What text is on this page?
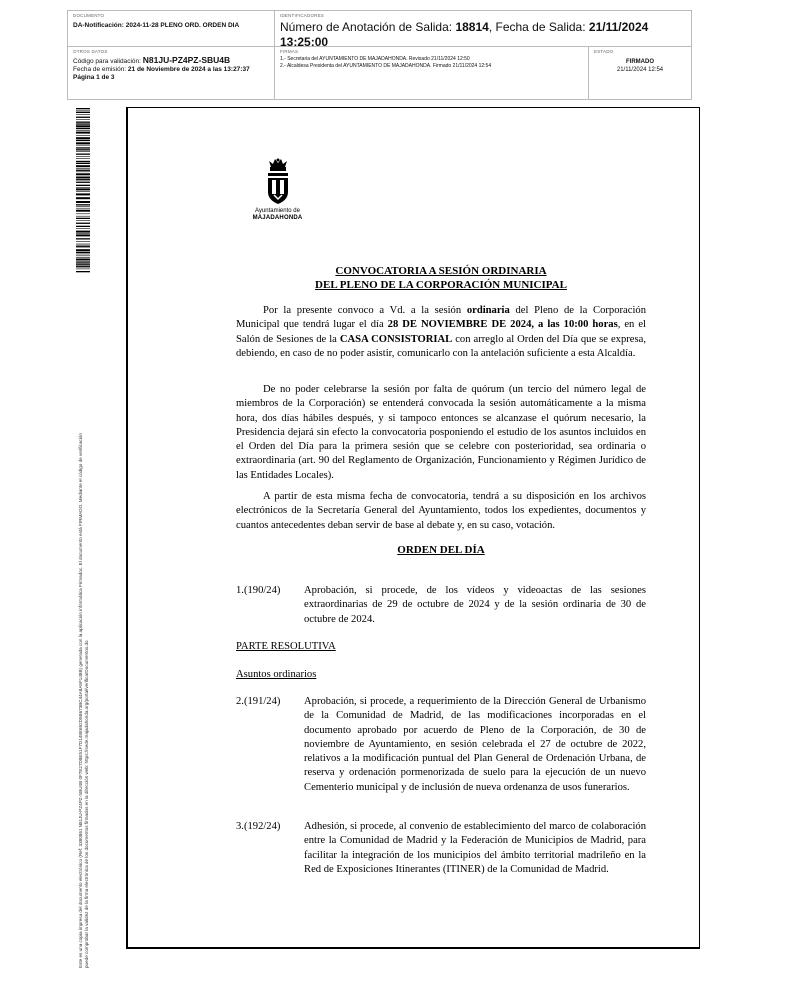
DOCUMENTO
DA-Notificación: 2024-11-28 PLENO ORD. ORDEN DIA
IDENTIFICADORES
Número de Anotación de Salida: 18814, Fecha de Salida: 21/11/2024 13:25:00
OTROS DATOS
Código para validación: N81JU-PZ4PZ-SBU4B
Fecha de emisión: 21 de Noviembre de 2024 a las 13:27:37
Página 1 de 3
FIRMAS
1.- Secretaria del AYUNTAMIENTO DE MAJADAHONDA. Revisado 21/11/2024 12:50
2.- Alcaldesa Presidenta del AYUNTAMIENTO DE MAJADAHONDA. Firmado 21/11/2024 12:54
ESTADO
FIRMADO
21/11/2024 12:54
Este es una copia impresa del documento electrónico (Ref: 3380861 N81JU-PZ4PZ-SBU4B 0F7E27D8E51F7D148E692D5B673BC44A8A5F148B) generada con la aplicación informática Firmadoc. El documento está FIRMADO. Mediante el código de verificación puede comprobar la validez de la firma electrónica de los documentos firmados en la dirección web: https://sede.majadahonda.org/portal/verificarDocumentos.do
Ayuntamiento de
MAJADAHONDA
CONVOCATORIA A SESIÓN ORDINARIA
DEL PLENO DE LA CORPORACIÓN MUNICIPAL
Por la presente convoco a Vd. a la sesión ordinaria del Pleno de la Corporación Municipal que tendrá lugar el día 28 DE NOVIEMBRE DE 2024, a las 10:00 horas, en el Salón de Sesiones de la CASA CONSISTORIAL con arreglo al Orden del Día que se expresa, debiendo, en caso de no poder asistir, comunicarlo con la antelación suficiente a esta Alcaldía.
De no poder celebrarse la sesión por falta de quórum (un tercio del número legal de miembros de la Corporación) se entenderá convocada la sesión automáticamente a la misma hora, dos días hábiles después, y si tampoco entonces se alcanzase el quórum necesario, la Presidencia dejará sin efecto la convocatoria posponiendo el estudio de los asuntos incluidos en el Orden del Día para la primera sesión que se celebre con posterioridad, sea ordinaria o extraordinaria (art. 90 del Reglamento de Organización, Funcionamiento y Régimen Jurídico de las Entidades Locales).
A partir de esta misma fecha de convocatoria, tendrá a su disposición en los archivos electrónicos de la Secretaría General del Ayuntamiento, todos los expedientes, documentos y cuantos antecedentes deban servir de base al debate y, en su caso, votación.
ORDEN DEL DÍA
1.(190/24)	Aprobación, si procede, de los vídeos y videoactas de las sesiones extraordinarias de 29 de octubre de 2024 y de la sesión ordinaria de 30 de octubre de 2024.
PARTE RESOLUTIVA
Asuntos ordinarios
2.(191/24)	Aprobación, si procede, a requerimiento de la Dirección General de Urbanismo de la Comunidad de Madrid, de las modificaciones incorporadas en el documento aprobado por acuerdo de Pleno de la Corporación, de 30 de noviembre de Ayuntamiento, en sesión celebrada el 27 de octubre de 2022, relativos a la modificación puntual del Plan General de Ordenación Urbana, de reserva y ordenación pormenorizada de suelo para la ejecución de un nuevo Cementerio municipal y de inclusión de nueva ordenanza de usos funerarios.
3.(192/24)	Adhesión, si procede, al convenio de establecimiento del marco de colaboración entre la Comunidad de Madrid y la Federación de Municipios de Madrid, para facilitar la integración de los municipios del ámbito territorial madrileño en la Red de Exposiciones Itinerantes (ITINER) de la Comunidad de Madrid.
